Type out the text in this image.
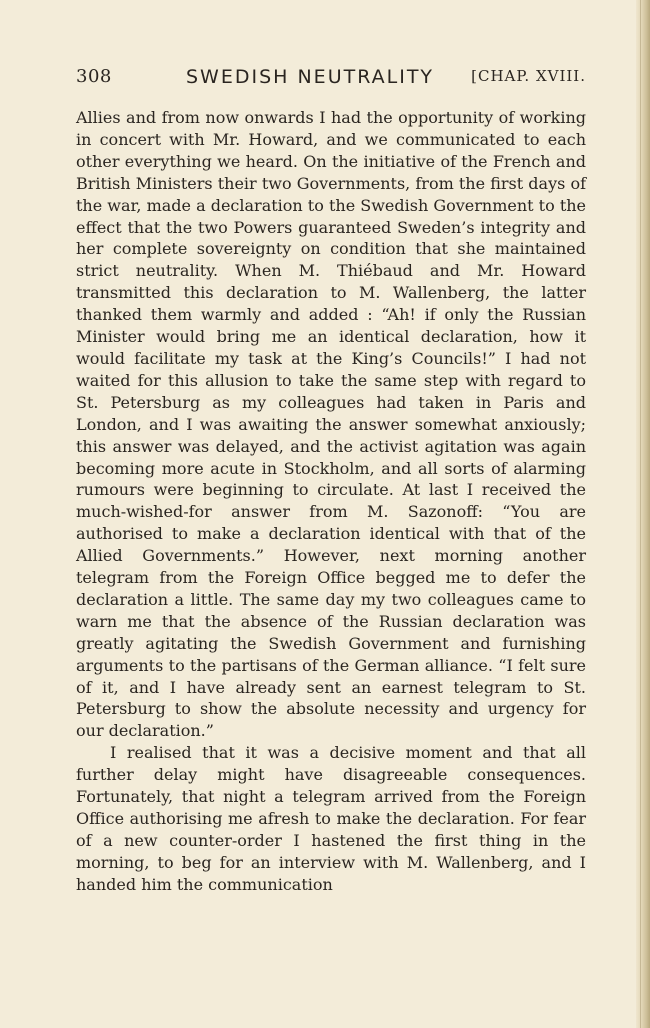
308	SWEDISH NEUTRALITY [CHAP. XVIII.

Allies and from now onwards I had the opportunity of working in concert with Mr. Howard, and we communicated to each other everything we heard. On the initiative of the French and British Ministers their two Governments, from the first days of the war, made a declaration to the Swedish Government to the effect that the two Powers guaranteed Sweden’s integrity and her complete sovereignty on condition that she maintained strict neutrality. When M. Thiébaud and Mr. Howard transmitted this declaration to M. Wallenberg, the latter thanked them warmly and added : “Ah! if only the Russian Minister would bring me an identical declaration, how it would facilitate my task at the King’s Councils!” I had not waited for this allusion to take the same step with regard to St. Petersburg as my colleagues had taken in Paris and London, and I was awaiting the answer somewhat anxiously; this answer was delayed, and the activist agitation was again becoming more acute in Stockholm, and all sorts of alarming rumours were beginning to circulate. At last I received the much-wished-for answer from M. Sazonoff: “You are authorised to make a declaration identical with that of the Allied Governments.” However, next morning another telegram from the Foreign Office begged me to defer the declaration a little. The same day my two colleagues came to warn me that the absence of the Russian declaration was greatly agitating the Swedish Government and furnishing arguments to the partisans of the German alliance. “I felt sure of it, and I have already sent an earnest telegram to St. Petersburg to show the absolute necessity and urgency for our declaration.”

I realised that it was a decisive moment and that all further delay might have disagreeable consequences. Fortunately, that night a telegram arrived from the Foreign Office authorising me afresh to make the declaration. For fear of a new counter-order I hastened the first thing in the morning, to beg for an interview with M. Wallenberg, and I handed him the communication
